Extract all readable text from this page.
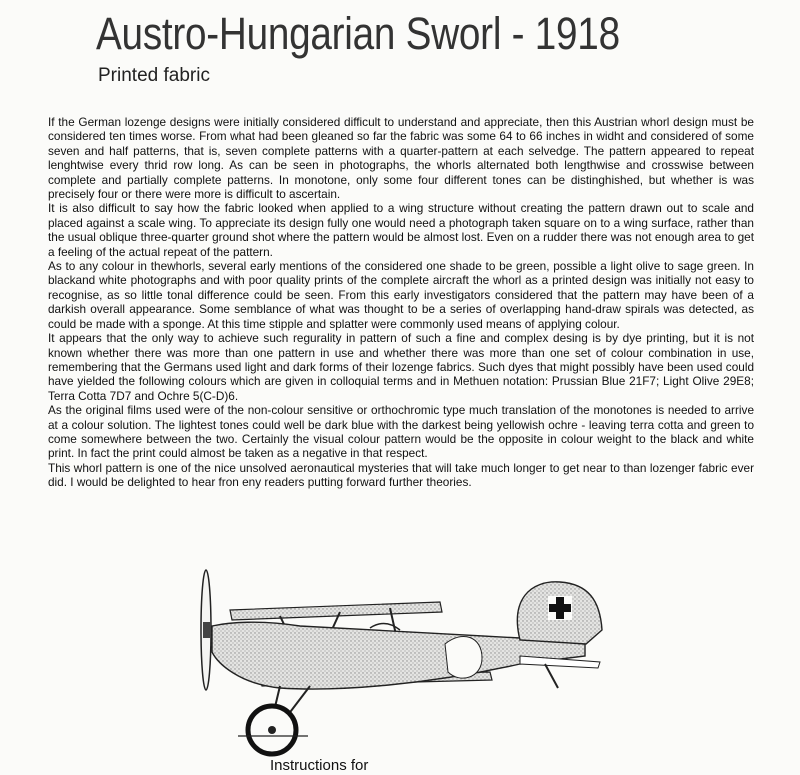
Austro-Hungarian Sworl - 1918
Printed fabric

If the German lozenge designs were initially considered difficult to understand and appreciate, then this Austrian whorl design must be considered ten times worse. From what had been gleaned so far the fabric was some 64 to 66 inches in widht and considered of some seven and half patterns, that is, seven complete patterns with a quarter-pattern at each selvedge. The pattern appeared to repeat lenghtwise every thrid row long. As can be seen in photographs, the whorls alternated both lengthwise and crosswise between complete and partially complete patterns. In monotone, only some four different tones can be distinghished, but whether is was precisely four or there were more is difficult to ascertain.

It is also difficult to say how the fabric looked when applied to a wing structure without creating the pattern drawn out to scale and placed against a scale wing. To appreciate its design fully one would need a photograph taken square on to a wing surface, rather than the usual oblique three-quarter ground shot where the pattern would be almost lost. Even on a rudder there was not enough area to get a feeling of the actual repeat of the pattern.

As to any colour in thewhorls, several early mentions of the considered one shade to be green, possible a light olive to sage green. In blackand white photographs and with poor quality prints of the complete aircraft the whorl as a printed design was initially not easy to recognise, as so little tonal difference could be seen. From this early investigators considered that the pattern may have been of a darkish overall appearance. Some semblance of what was thought to be a series of overlapping hand-draw spirals was detected, as could be made with a sponge. At this time stipple and splatter were commonly used means of applying colour.

It appears that the only way to achieve such regurality in pattern of such a fine and complex desing is by dye printing, but it is not known whether there was more than one pattern in use and whether there was more than one set of colour combination in use, remembering that the Germans used light and dark forms of their lozenge fabrics. Such dyes that might possibly have been used could have yielded the following colours which are given in colloquial terms and in Methuen notation: Prussian Blue 21F7; Light Olive 29E8; Terra Cotta 7D7 and Ochre 5(C-D)6.

As the original films used were of the non-colour sensitive or orthochromic type much translation of the monotones is needed to arrive at a colour solution. The lightest tones could well be dark blue with the darkest being yellowish ochre - leaving terra cotta and green to come somewhere between the two. Certainly the visual colour pattern would be the opposite in colour weight to the black and white print. In fact the print could almost be taken as a negative in that respect.

This whorl pattern is one of the nice unsolved aeronautical mysteries that will take much longer to get near to than lozenger fabric ever did. I would be delighted to hear fron eny readers putting forward further theories.

Instructions for
